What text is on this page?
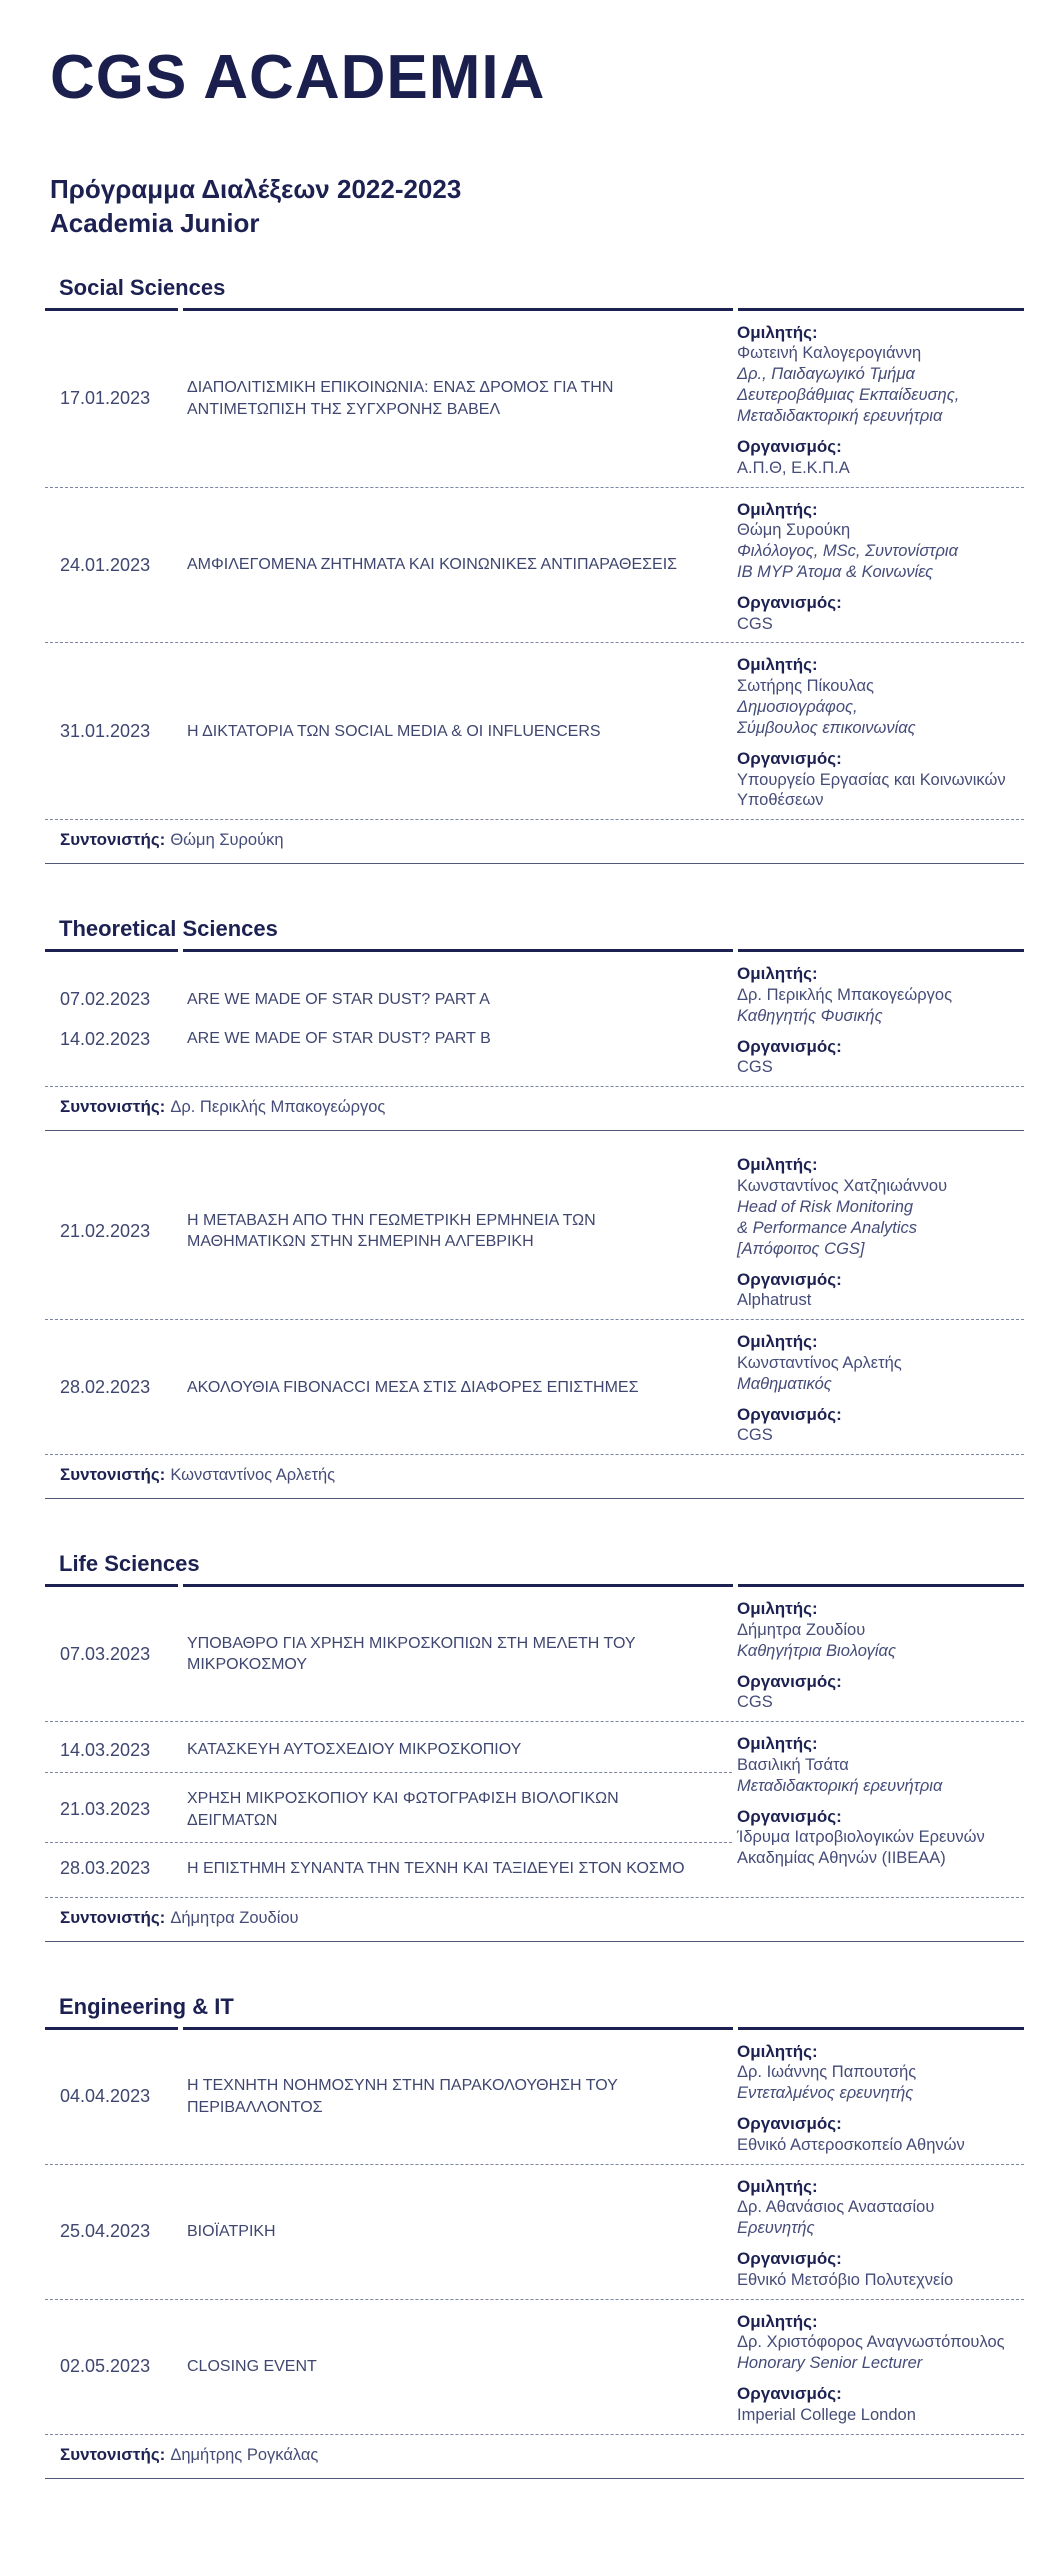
CGS ACADEMIA
Πρόγραμμα Διαλέξεων 2022-2023
Academia Junior
Social Sciences
17.01.2023
ΔΙΑΠΟΛΙΤΙΣΜΙΚΗ ΕΠΙΚΟΙΝΩΝΙΑ: ΕΝΑΣ ΔΡΟΜΟΣ ΓΙΑ ΤΗΝ ΑΝΤΙΜΕΤΩΠΙΣΗ ΤΗΣ ΣΥΓΧΡΟΝΗΣ ΒΑΒΕΛ
Ομιλητής:
Φωτεινή Καλογερογιάννη
Δρ., Παιδαγωγικό Τμήμα
Δευτεροβάθμιας Εκπαίδευσης,
Μεταδιδακτορική ερευνήτρια
Οργανισμός:
Α.Π.Θ, Ε.Κ.Π.Α
24.01.2023	ΑΜΦΙΛΕΓΟΜΕΝΑ ΖΗΤΗΜΑΤΑ ΚΑΙ ΚΟΙΝΩΝΙΚΕΣ ΑΝΤΙΠΑΡΑΘΕΣΕΙΣ
Ομιλητής:
Θώμη Συρούκη
Φιλόλογος, MSc, Συντονίστρια
IB MYP Άτομα & Κοινωνίες
Οργανισμός:
CGS
31.01.2023	Η ΔΙΚΤΑΤΟΡΙΑ ΤΩΝ SOCIAL MEDIA & ΟΙ INFLUENCERS
Ομιλητής:
Σωτήρης Πίκουλας
Δημοσιογράφος,
Σύμβουλος επικοινωνίας
Οργανισμός:
Υπουργείο Εργασίας και Κοινωνικών Υποθέσεων
Συντονιστής: Θώμη Συρούκη
Theoretical Sciences
07.02.2023	ARE WE MADE OF STAR DUST? PART A
14.02.2023	ARE WE MADE OF STAR DUST? PART B
Ομιλητής:
Δρ. Περικλής Μπακογεώργος
Καθηγητής Φυσικής
Οργανισμός:
CGS
Συντονιστής: Δρ. Περικλής Μπακογεώργος
21.02.2023
Η ΜΕΤΑΒΑΣΗ ΑΠΟ ΤΗΝ ΓΕΩΜΕΤΡΙΚΗ ΕΡΜΗΝΕΙΑ ΤΩΝ ΜΑΘΗΜΑΤΙΚΩΝ ΣΤΗΝ ΣΗΜΕΡΙΝΗ ΑΛΓΕΒΡΙΚΗ
Ομιλητής:
Κωνσταντίνος Χατζηιωάννου
Head of Risk Monitoring
& Performance Analytics
[Απόφοιτος CGS]
Οργανισμός:
Alphatrust
28.02.2023	ΑΚΟΛΟΥΘΙΑ FIBONACCI ΜΕΣΑ ΣΤΙΣ ΔΙΑΦΟΡΕΣ ΕΠΙΣΤΗΜΕΣ
Ομιλητής:
Κωνσταντίνος Αρλετής
Μαθηματικός
Οργανισμός:
CGS
Συντονιστής: Κωνσταντίνος Αρλετής
Life Sciences
07.03.2023
ΥΠΟΒΑΘΡΟ ΓΙΑ ΧΡΗΣΗ ΜΙΚΡΟΣΚΟΠΙΩΝ ΣΤΗ ΜΕΛΕΤΗ ΤΟΥ ΜΙΚΡΟΚΟΣΜΟΥ
Ομιλητής:
Δήμητρα Ζουδίου
Καθηγήτρια Βιολογίας
Οργανισμός:
CGS
14.03.2023	ΚΑΤΑΣΚΕΥΗ ΑΥΤΟΣΧΕΔΙΟΥ ΜΙΚΡΟΣΚΟΠΙΟΥ
21.03.2023
ΧΡΗΣΗ ΜΙΚΡΟΣΚΟΠΙΟΥ ΚΑΙ ΦΩΤΟΓΡΑΦΙΣΗ ΒΙΟΛΟΓΙΚΩΝ ΔΕΙΓΜΑΤΩΝ
28.03.2023	Η ΕΠΙΣΤΗΜΗ ΣΥΝΑΝΤΑ ΤΗΝ ΤΕΧΝΗ ΚΑΙ ΤΑΞΙΔΕΥΕΙ ΣΤΟΝ ΚΟΣΜΟ
Ομιλητής:
Βασιλική Τσάτα
Μεταδιδακτορική ερευνήτρια
Οργανισμός:
Ίδρυμα Ιατροβιολογικών Ερευνών Ακαδημίας Αθηνών (ΙΙΒΕΑΑ)
Συντονιστής: Δήμητρα Ζουδίου
Engineering & IT
04.04.2023
Η ΤΕΧΝΗΤΗ ΝΟΗΜΟΣΥΝΗ ΣΤΗΝ ΠΑΡΑΚΟΛΟΥΘΗΣΗ ΤΟΥ ΠΕΡΙΒΑΛΛΟΝΤΟΣ
Ομιλητής:
Δρ. Ιωάννης Παπουτσής
Εντεταλμένος ερευνητής
Οργανισμός:
Εθνικό Αστεροσκοπείο Αθηνών
25.04.2023	ΒΙΟΪΑΤΡΙΚΗ
Ομιλητής:
Δρ. Αθανάσιος Αναστασίου
Ερευνητής
Οργανισμός:
Εθνικό Μετσόβιο Πολυτεχνείο
02.05.2023	CLOSING EVENT
Ομιλητής:
Δρ. Χριστόφορος Αναγνωστόπουλος
Honorary Senior Lecturer
Οργανισμός:
Imperial College London
Συντονιστής: Δημήτρης Ρογκάλας
